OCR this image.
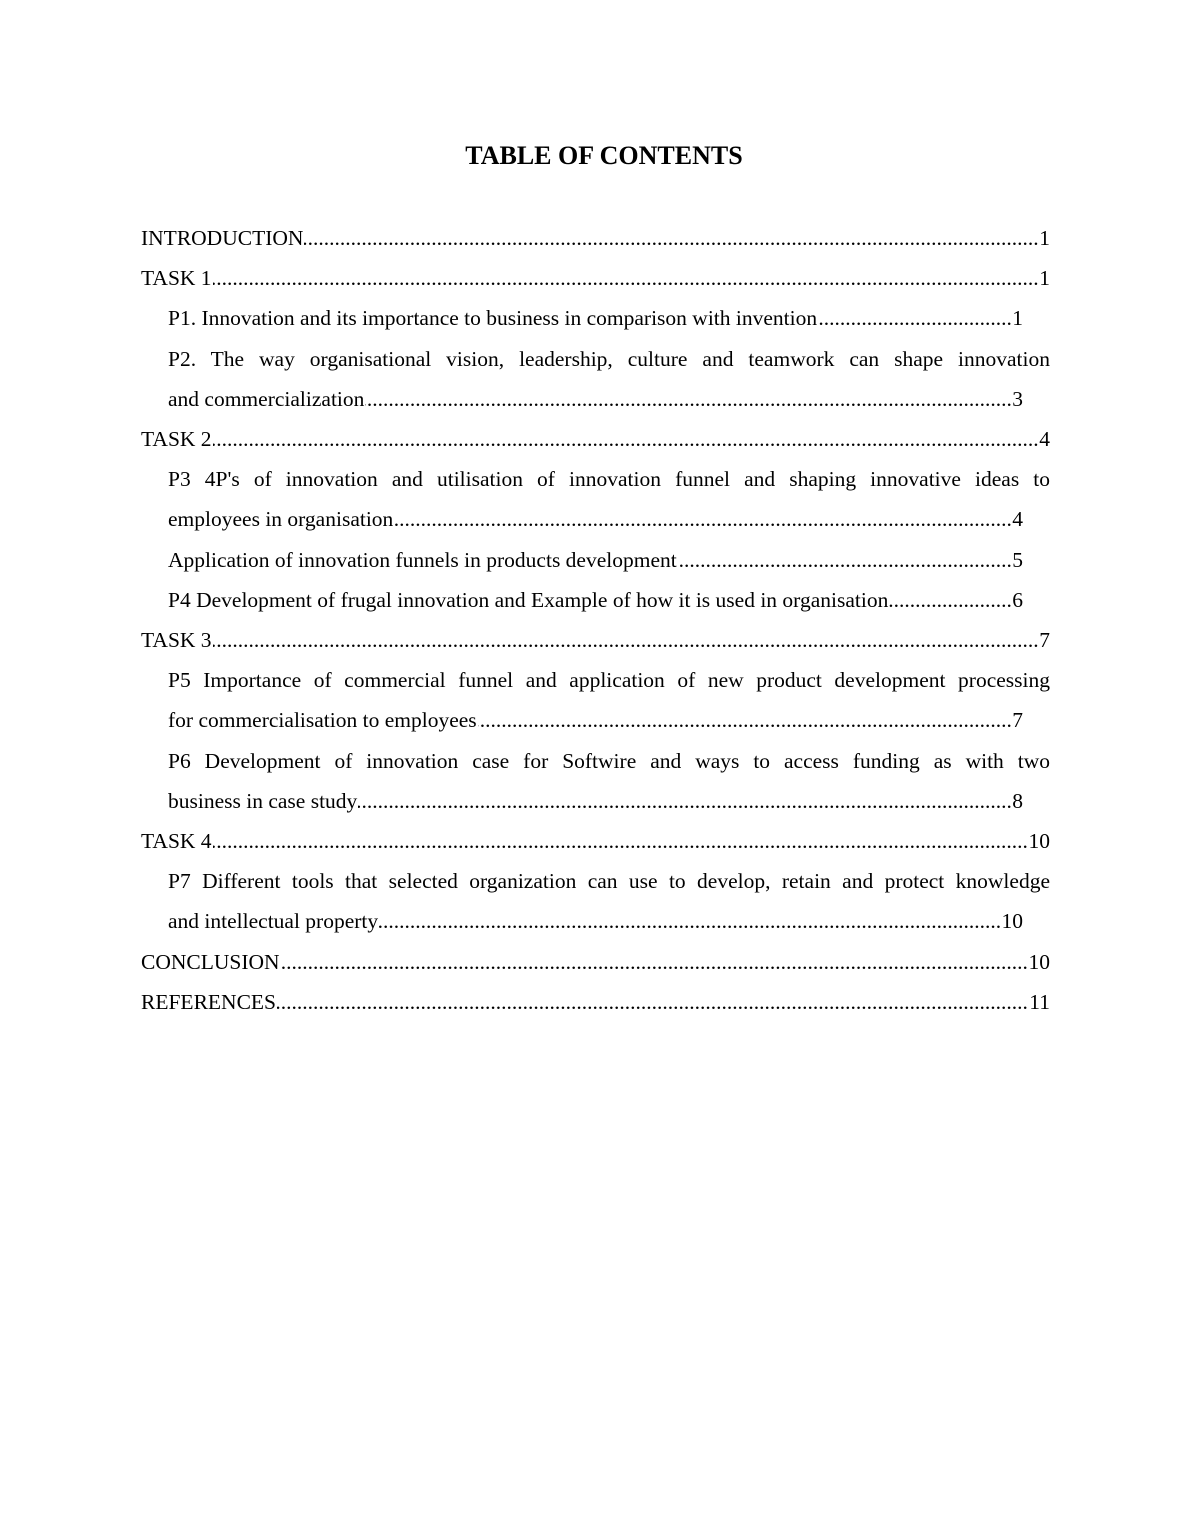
TABLE OF CONTENTS
INTRODUCTION	1
.....
TASK 1	1
.....
P1. Innovation and its importance to business in comparison with invention	1
.....
P2. The way organisational vision, leadership, culture and teamwork can shape innovation
and commercialization	3
.....
TASK 2	4
.....
P3 4P's of innovation and utilisation of innovation funnel and shaping innovative ideas to
employees in organisation	4
.....
Application of innovation funnels in products development	5
.....
P4 Development of frugal innovation and Example of how it is used in organisation	6
.....
TASK 3	7
.....
P5 Importance of commercial funnel and application of new product development processing
for commercialisation to employees	7
.....
P6 Development of innovation case for Softwire and ways to access funding as with two
business in case study	8
.....
TASK 4	10
.....
P7 Different tools that selected organization can use to develop, retain and protect knowledge
and intellectual property	10
.....
CONCLUSION	10
.....
REFERENCES	11
.....
